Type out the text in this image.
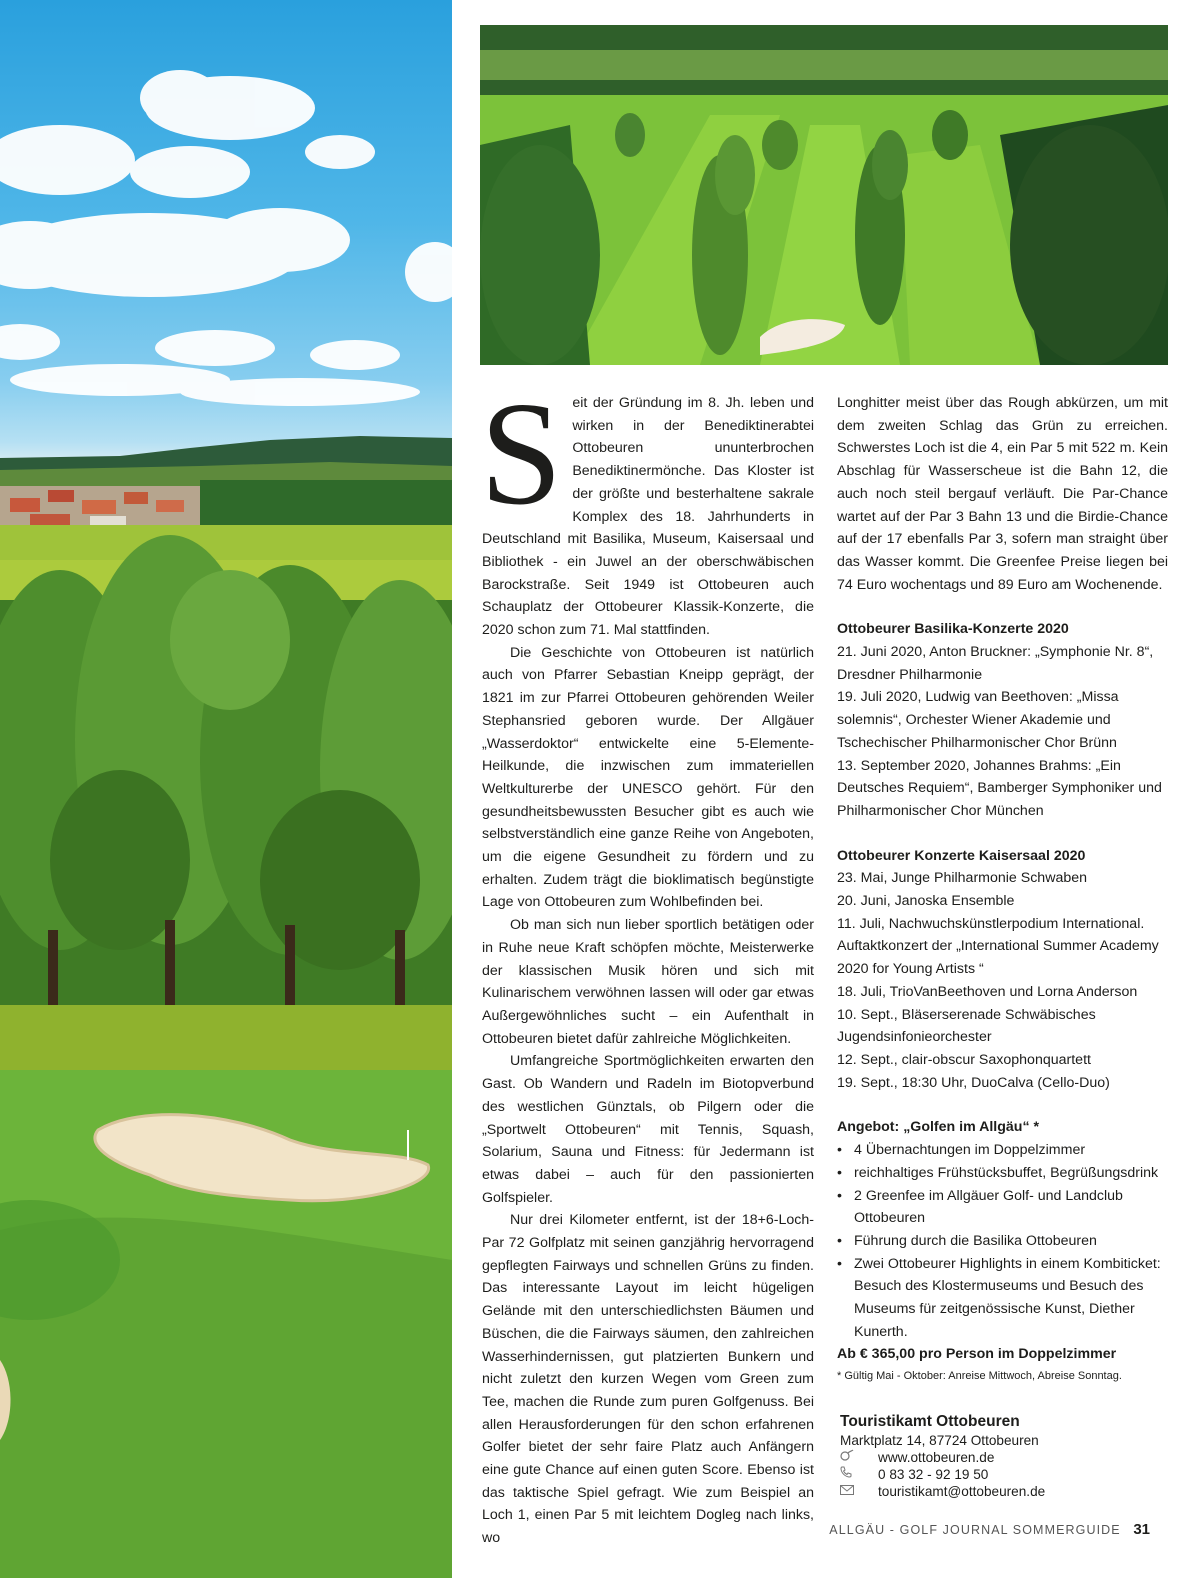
S eit der Gründung im 8. Jh. leben und wirken in der Benediktinerabtei Ottobeuren ununterbrochen Benediktinermönche. Das Kloster ist der größte und besterhaltene sakrale Komplex des 18. Jahrhunderts in Deutschland mit Basilika, Museum, Kaisersaal und Bibliothek - ein Juwel an der oberschwäbischen Barockstraße. Seit 1949 ist Ottobeuren auch Schauplatz der Ottobeurer Klassik-Konzerte, die 2020 schon zum 71. Mal stattfinden.

Die Geschichte von Ottobeuren ist natürlich auch von Pfarrer Sebastian Kneipp geprägt, der 1821 im zur Pfarrei Ottobeuren gehörenden Weiler Stephansried geboren wurde. Der Allgäuer „Wasserdoktor“ entwickelte eine 5-Elemente-Heilkunde, die inzwischen zum immateriellen Weltkulturerbe der UNESCO gehört. Für den gesundheitsbewussten Besucher gibt es auch wie selbstverständlich eine ganze Reihe von Angeboten, um die eigene Gesundheit zu fördern und zu erhalten. Zudem trägt die bioklimatisch begünstigte Lage von Ottobeuren zum Wohlbefinden bei.

Ob man sich nun lieber sportlich betätigen oder in Ruhe neue Kraft schöpfen möchte, Meisterwerke der klassischen Musik hören und sich mit Kulinarischem verwöhnen lassen will oder gar etwas Außergewöhnliches sucht – ein Aufenthalt in Ottobeuren bietet dafür zahlreiche Möglichkeiten.

Umfangreiche Sportmöglichkeiten erwarten den Gast. Ob Wandern und Radeln im Biotopverbund des westlichen Günztals, ob Pilgern oder die „Sportwelt Ottobeuren“ mit Tennis, Squash, Solarium, Sauna und Fitness: für Jedermann ist etwas dabei – auch für den passionierten Golfspieler.

Nur drei Kilometer entfernt, ist der 18+6-Loch-Par 72 Golfplatz mit seinen ganzjährig hervorragend gepflegten Fairways und schnellen Grüns zu finden. Das interessante Layout im leicht hügeligen Gelände mit den unterschiedlichsten Bäumen und Büschen, die die Fairways säumen, den zahlreichen Wasserhindernissen, gut platzierten Bunkern und nicht zuletzt den kurzen Wegen vom Green zum Tee, machen die Runde zum puren Golfgenuss. Bei allen Herausforderungen für den schon erfahrenen Golfer bietet der sehr faire Platz auch Anfängern eine gute Chance auf einen guten Score. Ebenso ist das taktische Spiel gefragt. Wie zum Beispiel an Loch 1, einen Par 5 mit leichtem Dogleg nach links, wo

Longhitter meist über das Rough abkürzen, um mit dem zweiten Schlag das Grün zu erreichen. Schwerstes Loch ist die 4, ein Par 5 mit 522 m. Kein Abschlag für Wasserscheue ist die Bahn 12, die auch noch steil bergauf verläuft. Die Par-Chance wartet auf der Par 3 Bahn 13 und die Birdie-Chance auf der 17 ebenfalls Par 3, sofern man straight über das Wasser kommt. Die Greenfee Preise liegen bei 74 Euro wochentags und 89 Euro am Wochenende.

Ottobeurer Basilika-Konzerte 2020

21. Juni 2020, Anton Bruckner: „Symphonie Nr. 8“, Dresdner Philharmonie

19. Juli 2020, Ludwig van Beethoven: „Missa solemnis“, Orchester Wiener Akademie und Tschechischer Philharmonischer Chor Brünn

13. September 2020, Johannes Brahms: „Ein Deutsches Requiem“, Bamberger Symphoniker und Philharmonischer Chor München

Ottobeurer Konzerte Kaisersaal 2020

23. Mai, Junge Philharmonie Schwaben

20. Juni, Janoska Ensemble

11. Juli, Nachwuchskünstlerpodium International. Auftaktkonzert der „International Summer Academy 2020 for Young Artists “

18. Juli, TrioVanBeethoven und Lorna Anderson

10. Sept., Bläserserenade Schwäbisches Jugendsinfonieorchester

12. Sept., clair-obscur Saxophonquartett

19. Sept., 18:30 Uhr, DuoCalva (Cello-Duo)

Angebot: „Golfen im Allgäu“ *

• 4 Übernachtungen im Doppelzimmer
• reichhaltiges Frühstücksbuffet, Begrüßungsdrink
• 2 Greenfee im Allgäuer Golf- und Landclub Ottobeuren
• Führung durch die Basilika Ottobeuren
• Zwei Ottobeurer Highlights in einem Kombiticket: Besuch des Klostermuseums und Besuch des Museums für zeitgenössische Kunst, Diether Kunerth.

Ab € 365,00 pro Person im Doppelzimmer

* Gültig Mai - Oktober: Anreise Mittwoch, Abreise Sonntag.

Touristikamt Ottobeuren
Marktplatz 14, 87724 Ottobeuren
www.ottobeuren.de
0 83 32 - 92 19 50
touristikamt@ottobeuren.de
ALLGÄU - GOLF JOURNAL SOMMERGUIDE 31
